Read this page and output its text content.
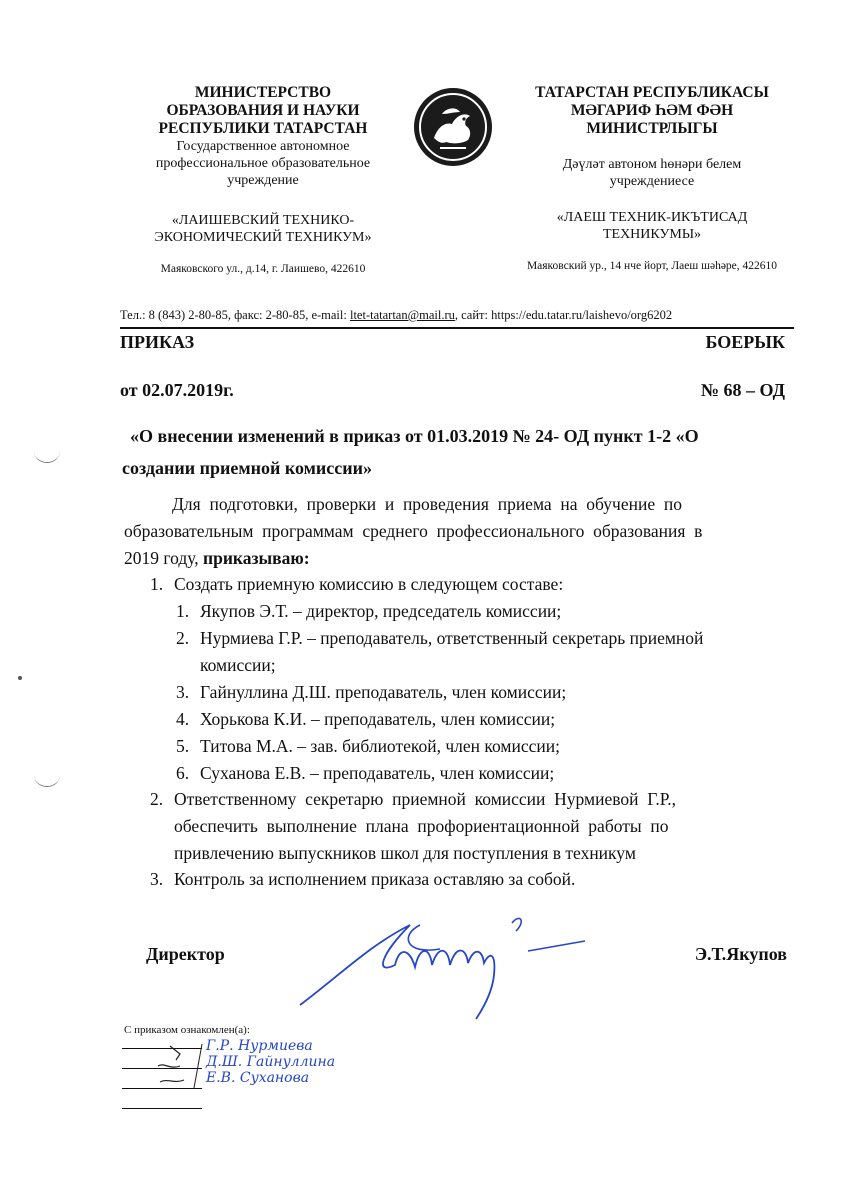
МИНИСТЕРСТВО
ОБРАЗОВАНИЯ И НАУКИ
РЕСПУБЛИКИ ТАТАРСТАН
Государственное автономное
профессиональное образовательное
учреждение
«ЛАИШЕВСКИЙ ТЕХНИКО-
ЭКОНОМИЧЕСКИЙ ТЕХНИКУМ»
Маяковского ул., д.14, г. Лаишево, 422610
ТАТАРСТАН РЕСПУБЛИКАСЫ
МӘГАРИФ ҺӘМ ФӘН
МИНИСТРЛЫГЫ
Дәүләт автоном һөнәри белем
учреждениесе
«ЛАЕШ ТЕХНИК-ИКЪТИСАД
ТЕХНИКУМЫ»
Маяковский ур., 14 нче йорт, Лаеш шәһәре, 422610
Тел.: 8 (843) 2-80-85, факс: 2-80-85, e-mail: ltet-tatartan@mail.ru, сайт: https://edu.tatar.ru/laishevo/org6202
ПРИКАЗ	БОЕРЫК
от 02.07.2019г.	№ 68 – ОД
«О внесении изменений в приказ от 01.03.2019 № 24- ОД пункт 1-2 «О
создании приемной комиссии»
Для  подготовки,  проверки  и  проведения  приема  на  обучение  по
образовательным  программам  среднего  профессионального  образования  в
2019 году, приказываю:
1. Создать приемную комиссию в следующем составе:
1. Якупов Э.Т. – директор, председатель комиссии;
2. Нурмиева Г.Р. – преподаватель, ответственный секретарь приемной
комиссии;
3. Гайнуллина Д.Ш. преподаватель, член комиссии;
4. Хорькова К.И. – преподаватель, член комиссии;
5. Титова М.А. – зав. библиотекой, член комиссии;
6. Суханова Е.В. – преподаватель, член комиссии;
2. Ответственному  секретарю  приемной  комиссии  Нурмиевой  Г.Р.,
обеспечить  выполнение  плана  профориентационной  работы  по
привлечению выпускников школ для поступления в техникум
3. Контроль за исполнением приказа оставляю за собой.
Директор	Э.Т.Якупов
С приказом ознакомлен(а):
Г.Р. Нурмиева
Д.Ш. Гайнуллина
Е.В. Суханова
